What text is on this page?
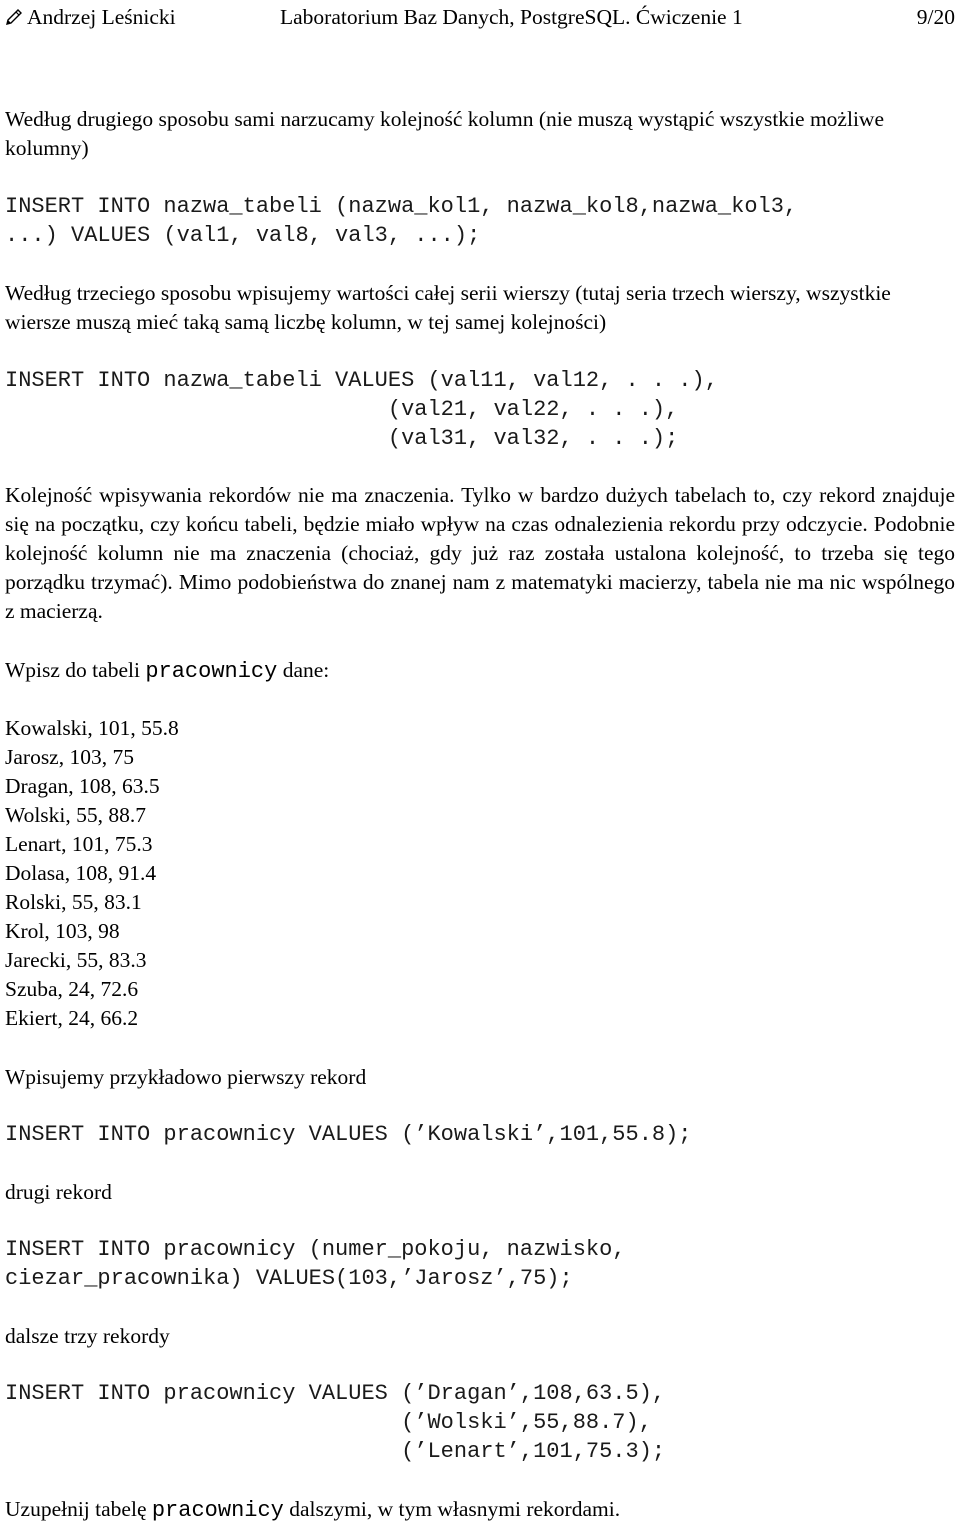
Andrzej Leśnicki	Laboratorium Baz Danych, PostgreSQL. Ćwiczenie 1	9/20
Według drugiego sposobu sami narzucamy kolejność kolumn (nie muszą wystąpić wszystkie możliwe kolumny)
INSERT INTO nazwa_tabeli (nazwa_kol1, nazwa_kol8,nazwa_kol3,
...) VALUES (val1, val8, val3, ...);
Według trzeciego sposobu wpisujemy wartości całej serii wierszy (tutaj seria trzech wierszy, wszystkie wiersze muszą mieć taką samą liczbę kolumn, w tej samej kolejności)
INSERT INTO nazwa_tabeli VALUES (val11, val12, . . .),
(val21, val22, . . .),
(val31, val32, . . .);
Kolejność wpisywania rekordów nie ma znaczenia. Tylko w bardzo dużych tabelach to, czy rekord znajduje się na początku, czy końcu tabeli, będzie miało wpływ na czas odnalezienia rekordu przy odczycie. Podobnie kolejność kolumn nie ma znaczenia (chociaż, gdy już raz została ustalona kolejność, to trzeba się tego porządku trzymać). Mimo podobieństwa do znanej nam z matematyki macierzy, tabela nie ma nic wspólnego z macierzą.
Wpisz do tabeli pracownicy dane:
Kowalski, 101, 55.8
Jarosz, 103, 75
Dragan, 108, 63.5
Wolski, 55, 88.7
Lenart, 101, 75.3
Dolasa, 108, 91.4
Rolski, 55, 83.1
Krol, 103, 98
Jarecki, 55, 83.3
Szuba, 24, 72.6
Ekiert, 24, 66.2
Wpisujemy przykładowo pierwszy rekord
INSERT INTO pracownicy VALUES (’Kowalski’,101,55.8);
drugi rekord
INSERT INTO pracownicy (numer_pokoju, nazwisko,
ciezar_pracownika) VALUES(103,’Jarosz’,75);
dalsze trzy rekordy
INSERT INTO pracownicy VALUES (’Dragan’,108,63.5),
(’Wolski’,55,88.7),
(’Lenart’,101,75.3);
Uzupełnij tabelę pracownicy dalszymi, w tym własnymi rekordami.
